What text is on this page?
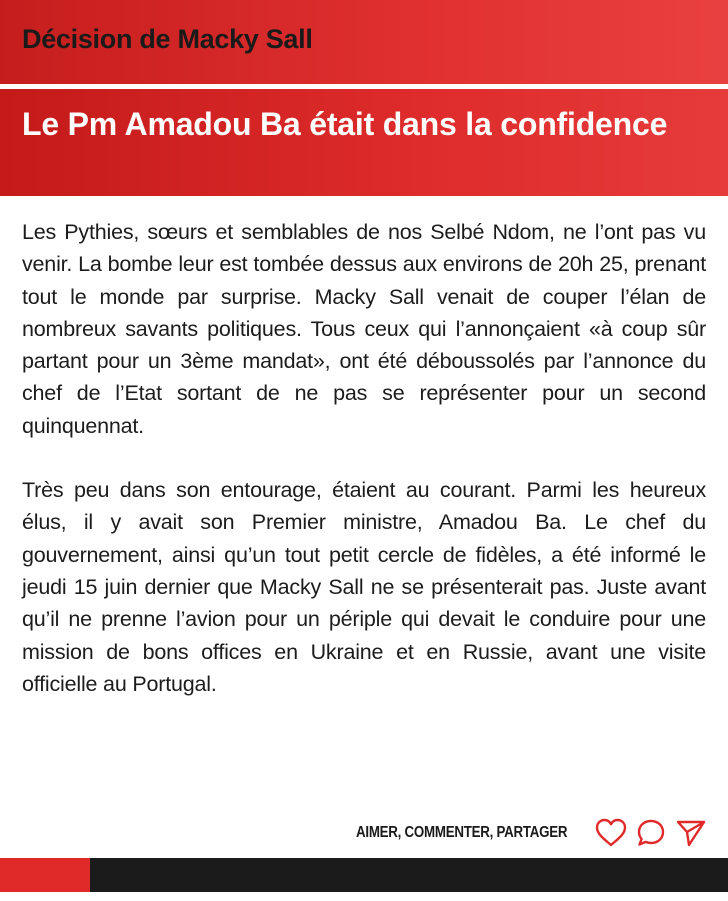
Décision de Macky Sall
Le Pm Amadou Ba était dans la confidence

Les Pythies, sœurs et semblables de nos Selbé Ndom, ne l’ont pas vu venir. La bombe leur est tombée dessus aux environs de 20h 25, prenant tout le monde par surprise. Macky Sall venait de couper l’élan de nombreux savants politiques. Tous ceux qui l’annonçaient «à coup sûr partant pour un 3ème mandat», ont été déboussolés par l’annonce du chef de l’Etat sortant de ne pas se représenter pour un second quinquennat.

Très peu dans son entourage, étaient au courant. Parmi les heureux élus, il y avait son Premier ministre, Amadou Ba. Le chef du gouvernement, ainsi qu’un tout petit cercle de fidèles, a été informé le jeudi 15 juin dernier que Macky Sall ne se présenterait pas. Juste avant qu’il ne prenne l’avion pour un périple qui devait le conduire pour une mission de bons offices en Ukraine et en Russie, avant une visite officielle au Portugal.

AIMER, COMMENTER, PARTAGER
